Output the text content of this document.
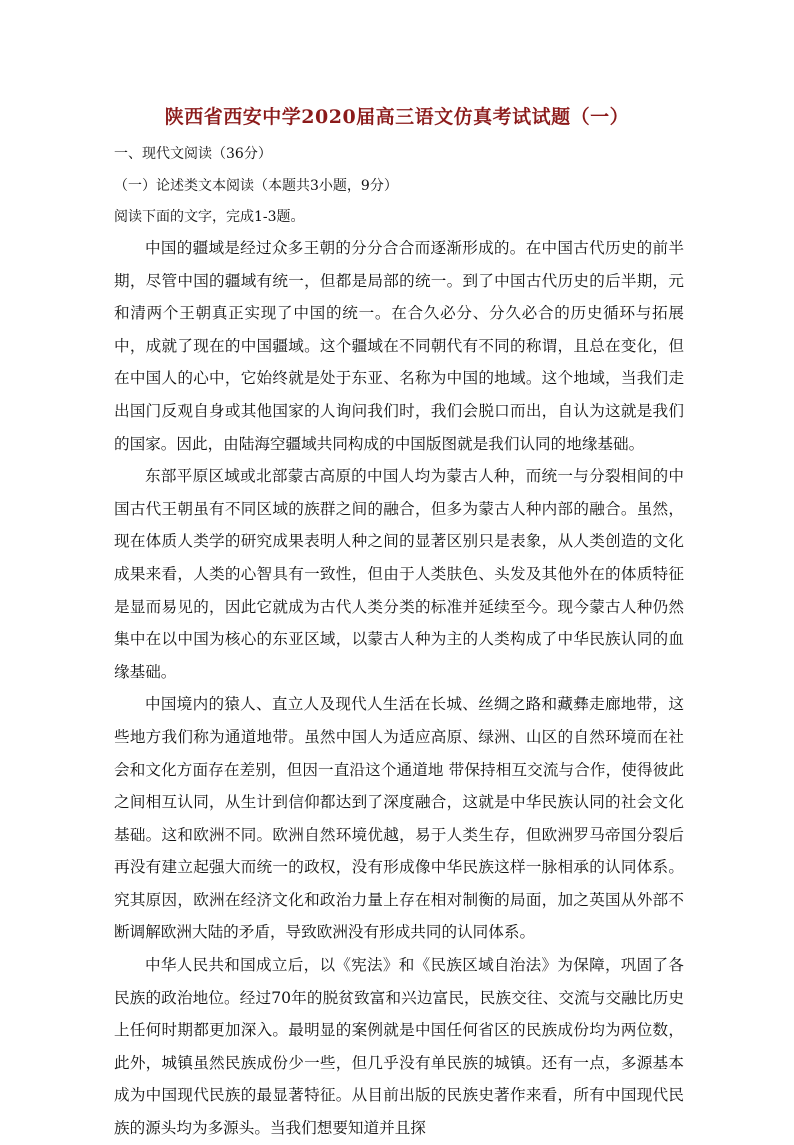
陕西省西安中学2020届高三语文仿真考试试题（一）
一、现代文阅读（36分）
（一）论述类文本阅读（本题共3小题，9分）
阅读下面的文字，完成1-3题。

中国的疆域是经过众多王朝的分分合合而逐渐形成的。在中国古代历史的前半期，尽管中国的疆域有统一，但都是局部的统一。到了中国古代历史的后半期，元和清两个王朝真正实现了中国的统一。在合久必分、分久必合的历史循环与拓展中，成就了现在的中国疆域。这个疆域在不同朝代有不同的称谓，且总在变化，但在中国人的心中，它始终就是处于东亚、名称为中国的地域。这个地域，当我们走出国门反观自身或其他国家的人询问我们时，我们会脱口而出，自认为这就是我们的国家。因此，由陆海空疆域共同构成的中国版图就是我们认同的地缘基础。

东部平原区域或北部蒙古高原的中国人均为蒙古人种，而统一与分裂相间的中国古代王朝虽有不同区域的族群之间的融合，但多为蒙古人种内部的融合。虽然，现在体质人类学的研究成果表明人种之间的显著区别只是表象，从人类创造的文化成果来看，人类的心智具有一致性，但由于人类肤色、头发及其他外在的体质特征是显而易见的，因此它就成为古代人类分类的标准并延续至今。现今蒙古人种仍然集中在以中国为核心的东亚区域，以蒙古人种为主的人类构成了中华民族认同的血缘基础。

中国境内的猿人、直立人及现代人生活在长城、丝绸之路和藏彝走廊地带，这些地方我们称为通道地带。虽然中国人为适应高原、绿洲、山区的自然环境而在社会和文化方面存在差别，但因一直沿这个通道地 带保持相互交流与合作，使得彼此之间相互认同，从生计到信仰都达到了深度融合，这就是中华民族认同的社会文化基础。这和欧洲不同。欧洲自然环境优越，易于人类生存，但欧洲罗马帝国分裂后再没有建立起强大而统一的政权，没有形成像中华民族这样一脉相承的认同体系。究其原因，欧洲在经济文化和政治力量上存在相对制衡的局面，加之英国从外部不断调解欧洲大陆的矛盾，导致欧洲没有形成共同的认同体系。

中华人民共和国成立后，以《宪法》和《民族区域自治法》为保障，巩固了各民族的政治地位。经过70年的脱贫致富和兴边富民，民族交往、交流与交融比历史上任何时期都更加深入。最明显的案例就是中国任何省区的民族成份均为两位数，此外，城镇虽然民族成份少一些，但几乎没有单民族的城镇。还有一点，多源基本成为中国现代民族的最显著特征。从目前出版的民族史著作来看，所有中国现代民族的源头均为多源头。当我们想要知道并且探
